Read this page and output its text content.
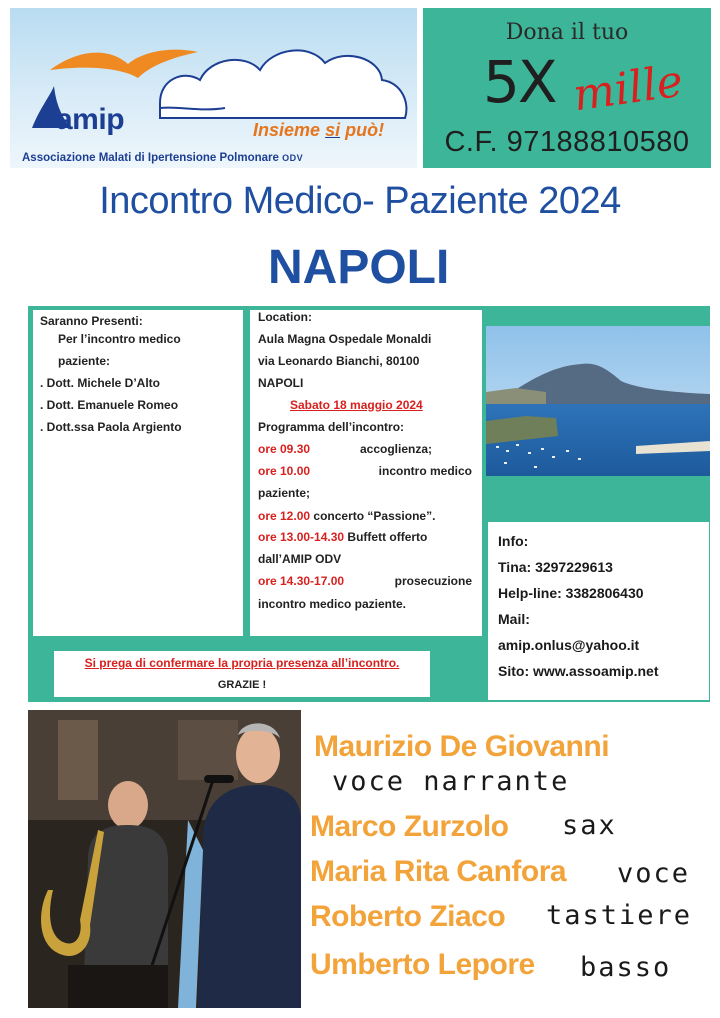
amip	Insieme si può!
Associazione Malati di Ipertensione Polmonare ODV
Dona il tuo
5X mille
C.F. 97188810580
Incontro Medico- Paziente 2024
NAPOLI
Saranno Presenti:
Per l’incontro medico
paziente:
. Dott. Michele D’Alto
. Dott. Emanuele Romeo
. Dott.ssa Paola Argiento
Location:
Aula Magna Ospedale Monaldi
via Leonardo Bianchi, 80100
NAPOLI
Sabato 18 maggio 2024
Programma dell’incontro:
ore 09.30	accoglienza;
ore 10.00	incontro medico
paziente;
ore 12.00 concerto “Passione”.
ore 13.00-14.30 Buffett offerto
dall’AMIP ODV
ore 14.30-17.00	prosecuzione
incontro medico paziente.
Info:
Tina: 3297229613
Help-line: 3382806430
Mail:
amip.onlus@yahoo.it
Sito: www.assoamip.net
Si prega di confermare la propria presenza all’incontro.
GRAZIE !
Maurizio De Giovanni
voce narrante
Marco Zurzolo sax
Maria Rita Canfora voce
Roberto Ziaco tastiere
Umberto Lepore basso
